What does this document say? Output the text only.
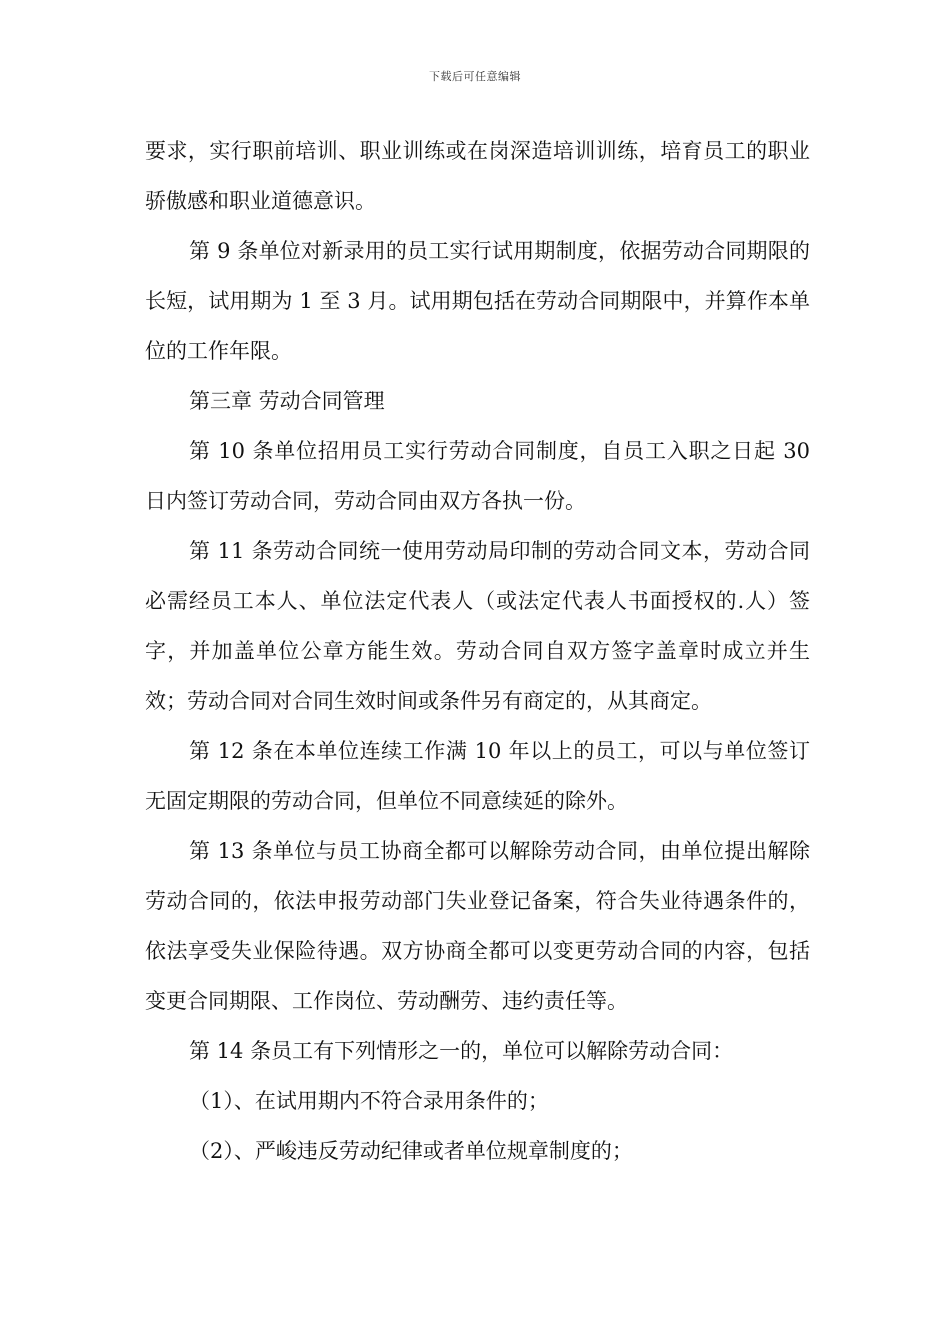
下载后可任意编辑

要求，实行职前培训、职业训练或在岗深造培训训练，培育员工的职业骄傲感和职业道德意识。

第 9 条单位对新录用的员工实行试用期制度，依据劳动合同期限的长短，试用期为 1 至 3 月。试用期包括在劳动合同期限中，并算作本单位的工作年限。

第三章 劳动合同管理

第 10 条单位招用员工实行劳动合同制度，自员工入职之日起 30 日内签订劳动合同，劳动合同由双方各执一份。

第 11 条劳动合同统一使用劳动局印制的劳动合同文本，劳动合同必需经员工本人、单位法定代表人（或法定代表人书面授权的.人）签字，并加盖单位公章方能生效。劳动合同自双方签字盖章时成立并生效；劳动合同对合同生效时间或条件另有商定的，从其商定。

第 12 条在本单位连续工作满 10 年以上的员工，可以与单位签订无固定期限的劳动合同，但单位不同意续延的除外。

第 13 条单位与员工协商全都可以解除劳动合同，由单位提出解除劳动合同的，依法申报劳动部门失业登记备案，符合失业待遇条件的，依法享受失业保险待遇。双方协商全都可以变更劳动合同的内容，包括变更合同期限、工作岗位、劳动酬劳、违约责任等。

第 14 条员工有下列情形之一的，单位可以解除劳动合同：

（1）、在试用期内不符合录用条件的；

（2）、严峻违反劳动纪律或者单位规章制度的；
